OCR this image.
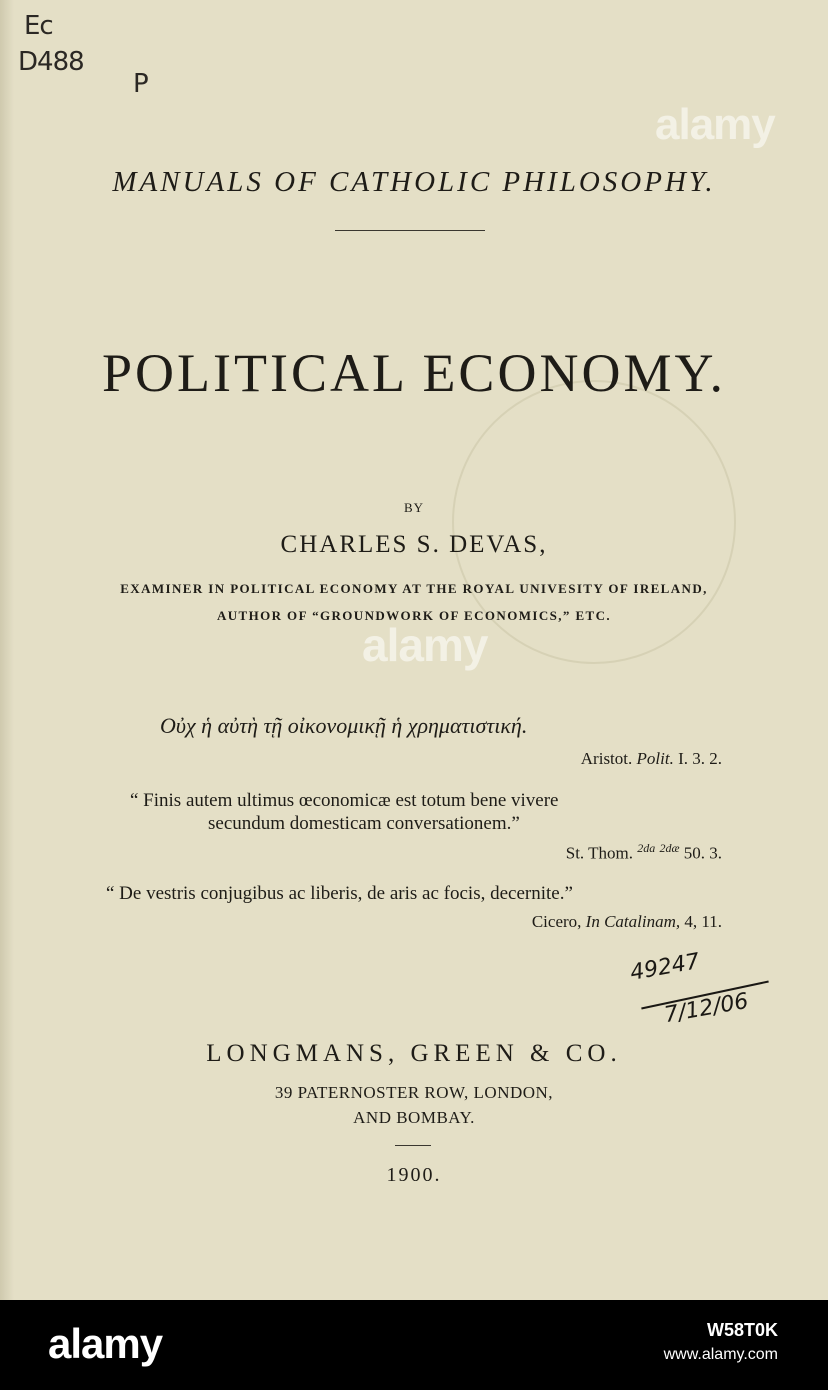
Ec
D488
P
MANUALS OF CATHOLIC PHILOSOPHY.
POLITICAL ECONOMY.
BY
CHARLES S. DEVAS,
EXAMINER IN POLITICAL ECONOMY AT THE ROYAL UNIVESITY OF IRELAND,
AUTHOR OF “GROUNDWORK OF ECONOMICS,” ETC.
Οὐχ ἡ αὐτὴ τῇ οἰκονομικῇ ἡ χρηματιστική.
Aristot. Polit. I. 3. 2.
“ Finis autem ultimus œconomicæ est totum bene vivere
secundum domesticam conversationem.”
St. Thom. $^{2da}$ $^{2dæ}$ 50. 3.
“ De vestris conjugibus ac liberis, de aris ac focis, decernite.”
Cicero, In Catalinam, 4, 11.
49247
7/12/06
LONGMANS, GREEN & CO.
39 PATERNOSTER ROW, LONDON,
AND BOMBAY.
1900.
alamy
alamy
alamy	W58T0K
www.alamy.com
